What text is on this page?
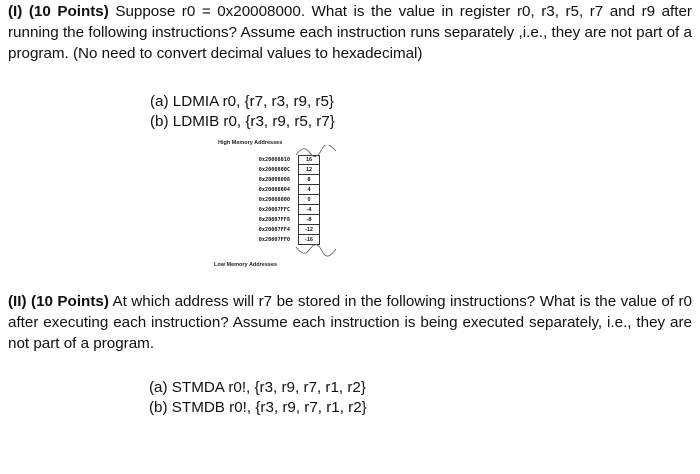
(I) (10 Points) Suppose r0 = 0x20008000. What is the value in register r0, r3, r5, r7 and r9 after running the following instructions? Assume each instruction runs separately ,i.e., they are not part of a program. (No need to convert decimal values to hexadecimal)
(a) LDMIA r0, {r7, r3, r9, r5}
(b) LDMIB r0, {r3, r9, r5, r7}
High Memory Addresses
0x20008010	16
0x2000800C	12
0x20008008	8
0x20008004	4
0x20008000	0
0x20007FFC	-4
0x20007FF8	-8
0x20007FF4	-12
0x20007FF0	-16
Low Memory Addresses
(II) (10 Points) At which address will r7 be stored in the following instructions? What is the value of r0 after executing each instruction? Assume each instruction is being executed separately, i.e., they are not part of a program.
(a) STMDA r0!, {r3, r9, r7, r1, r2}
(b) STMDB r0!, {r3, r9, r7, r1, r2}
